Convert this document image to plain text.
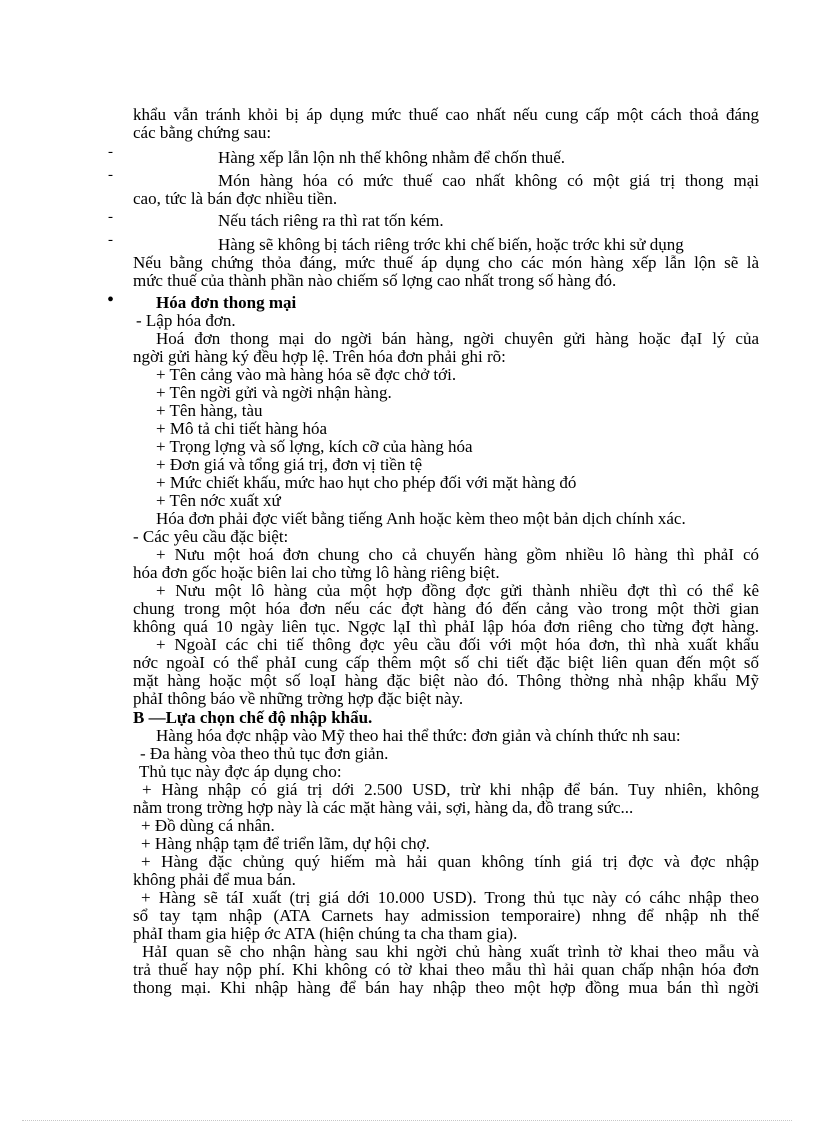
khẩu vẫn tránh khỏi bị áp dụng mức thuế cao nhất nếu cung cấp một cách thoả đáng
các bằng chứng sau:
-	Hàng xếp lẫn lộn nh thế không nhằm để chốn thuế.
-	Món hàng hóa có mức thuế cao nhất không có một giá trị thong mại
cao, tức là bán đợc nhiều tiền.
-	Nếu tách riêng ra thì rat tốn kém.
-	Hàng sẽ không bị tách riêng trớc khi chế biến, hoặc trớc khi sử dụng
Nếu bằng chứng thỏa đáng, mức thuế áp dụng cho các món hàng xếp lẫn lộn sẽ là
mức thuế của thành phần nào chiếm số lợng cao nhất trong số hàng đó.
• Hóa đơn thong mại
- Lập hóa đơn.
Hoá đơn thong mại do ngời bán hàng, ngời chuyên gửi hàng hoặc đạI lý của
ngời gửi hàng ký đều hợp lệ. Trên hóa đơn phải ghi rõ:
+ Tên cảng vào mà hàng hóa sẽ đợc chở tới.
+ Tên ngời gửi và ngời nhận hàng.
+ Tên hàng, tàu
+ Mô tả chi tiết hàng hóa
+ Trọng lợng và số lợng, kích cỡ của hàng hóa
+ Đơn giá và tổng giá trị, đơn vị tiền tệ
+ Mức chiết khấu, mức hao hụt cho phép đối với mặt hàng đó
+ Tên nớc xuất xứ
Hóa đơn phải đợc viết bằng tiếng Anh hoặc kèm theo một bản dịch chính xác.
- Các yêu cầu đặc biệt:
+ Nưu một hoá đơn chung cho cả chuyến hàng gồm nhiều lô hàng thì phảI có
hóa đơn gốc hoặc biên lai cho từng lô hàng riêng biệt.
+ Nưu một lô hàng của một hợp đồng đợc gửi thành nhiều đợt thì có thể kê
chung trong một hóa đơn nếu các đợt hàng đó đến cảng vào trong một thời gian
không quá 10 ngày liên tục. Ngợc lạI thì phảI lập hóa đơn riêng cho từng đợt hàng.
+ NgoàI các chi tiế thông đợc yêu cầu đối với một hóa đơn, thì nhà xuất khẩu
nớc ngoàI có thể phảI cung cấp thêm một số chi tiết đặc biệt liên quan đến một số
mặt hàng hoặc một số loạI hàng đặc biệt nào đó. Thông thờng nhà nhập khẩu Mỹ
phảI thông báo về những trờng hợp đặc biệt này.
B —Lựa chọn chế độ nhập khẩu.
Hàng hóa đợc nhập vào Mỹ theo hai thể thức: đơn giản và chính thức nh sau:
- Đa hàng vòa theo thủ tục đơn giản.
Thủ tục này đợc áp dụng cho:
+ Hàng nhập có giá trị dới 2.500 USD, trừ khi nhập để bán. Tuy nhiên, không
nằm trong trờng hợp này là các mặt hàng vải, sợi, hàng da, đồ trang sức...
+ Đồ dùng cá nhân.
+ Hàng nhập tạm để triển lãm, dự hội chợ.
+ Hàng đặc chủng quý hiếm mà hải quan không tính giá trị đợc và đợc nhập
không phải để mua bán.
+ Hàng sẽ táI xuất (trị giá dới 10.000 USD). Trong thủ tục này có cáhc nhập theo
sổ tay tạm nhập (ATA Carnets hay admission temporaire) nhng để nhập nh thế
phảI tham gia hiệp ớc ATA (hiện chúng ta cha tham gia).
HảI quan sẽ cho nhận hàng sau khi ngời chủ hàng xuất trình tờ khai theo mẫu và
trả thuế hay nộp phí. Khi không có tờ khai theo mẫu thì hải quan chấp nhận hóa đơn
thong mại. Khi nhập hàng để bán hay nhập theo một hợp đồng mua bán thì ngời
